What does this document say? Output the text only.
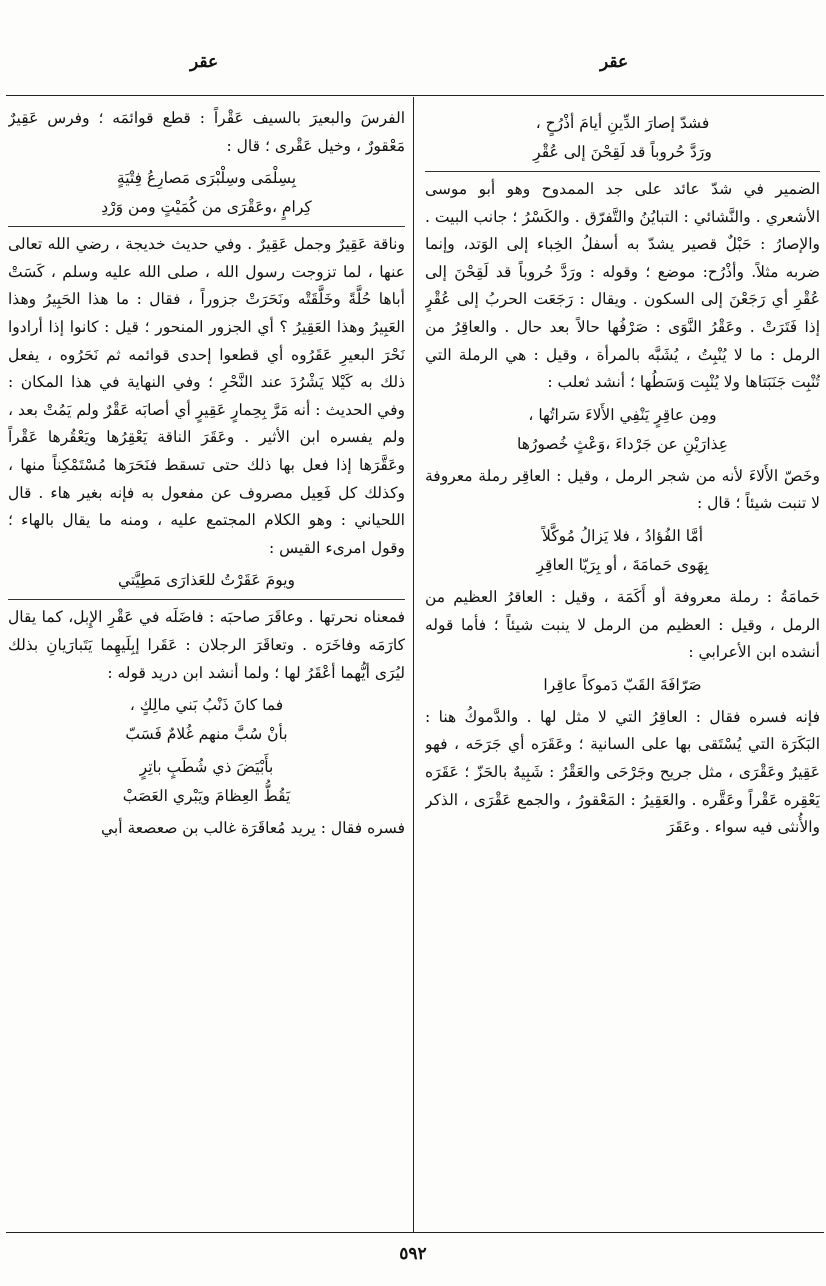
عقر
عقر
فشدّ إصارَ الدِّينِ أيامَ أذْرُحٍ ،
ورَدَّ حُروباً قد لَقِحْنَ إلى عُقْرِ

الضمير في شدّ عائد على جد الممدوح وهو أبو موسى الأشعري . والنَّشائي : التبايُنُ والتَّفرّق . والكَسْرُ ؛ جانب البيت . والإصارُ : حَبْلٌ قصير يشدّ به أسفلُ الخِباء إلى الوَتد، وإنما ضربه مثلاً. وأذْرُح: موضع ؛ وقوله : ورَدَّ حُروباً قد لَقِحْنَ إلى عُقْرِ أي رَجَعْنَ إلى السكون . ويقال : رَجَعَت الحربُ إلى عُقْرٍ إذا فَتَرَتْ . وعَقْرُ النَّوَى : صَرْفُها حالاً بعد حال . والعاقِرُ من الرمل : ما لا يُنْبِتُ ، يُشَبَّه بالمرأة ، وقيل : هي الرملة التي تُنْبِت جَنَبَتاها ولا يُنْبِت وَسَطُها ؛ أنشد ثعلب :

ومِن عاقِرٍ يَنْفِي الأَلاءَ سَراتُها ،
عِذارَيْنِ عن جَرْداءَ ،وَعْثٍ خُصورُها

وخَصّ الأَلاءَ لأنه من شجر الرمل ، وقيل : العاقِر رملة معروفة لا تنبت شيئاً ؛ قال :

أمَّا الفُؤادُ ، فلا يَزالُ مُوكَّلاً
بِهَوى حَمامَةَ ، أو بِرَيّا العاقِرِ

حَمامَةُ : رملة معروفة أو أَكَمَة ، وقيل : العاقرُ العظيم من الرمل ، وقيل : العظيم من الرمل لا ينبت شيئاً ؛ فأما قوله أنشده ابن الأعرابي :

صَرّافَةَ القَبّ دَموكاً عاقِرا

فإنه فسره فقال : العاقِرُ التي لا مثل لها . والدَّموكُ هنا : البَكَرَة التي يُسْتَقى بها على السانية ؛ وعَقَرَه أي جَرَحَه ، فهو عَقِيرٌ وعَقْرَى ، مثل جريح وجَرْحَى والعَقْرُ : شَبِيهٌ بالحَزّ ؛ عَقَرَه يَعْقِره عَقْراً وعَقَّره . والعَقِيرُ : المَعْقورُ ، والجمع عَقْرَى ، الذكر والأُنثى فيه سواء . وعَقَرَ

الفرسَ والبعيرَ بالسيف عَقْراً : قطع قوائمَه ؛ وفرس عَقِيرٌ مَعْقورٌ ، وخيل عَقْرى ؛ قال :

بِسِلْمَى وسِلْبْرَى مَصارِعُ فِتْيَةٍ
كِرامٍ ،وعَقْرَى من كُمَيْتٍ ومن وَرْدِ

وناقة عَقِيرٌ وجمل عَقِيرٌ . وفي حديث خديجة ، رضي الله تعالى عنها ، لما تزوجت رسول الله ، صلى الله عليه وسلم ، كَسَتْ أباها حُلَّةً وخَلَّقَتْه ونَحَرَتْ جزوراً ، فقال : ما هذا الحَبِيرُ وهذا العَبِيرُ وهذا العَقِيرُ ؟ أي الجزور المنحور ؛ قيل : كانوا إذا أرادوا نَحْرَ البعيرِ عَقَرُوه أي قطعوا إحدى قوائمه ثم نَحَرُوه ، يفعل ذلك به كَيْلا يَشْرُدَ عند النَّحْرِ ؛ وفي النهاية في هذا المكان : وفي الحديث : أنه مَرَّ بِحِمارٍ عَقِيرٍ أي أصابَه عَقْرٌ ولم يَمُتْ بعد ، ولم يفسره ابن الأثير . وعَقَرَ الناقة يَعْقِرُها ويَعْقُرها عَقْراً وعَقَّرَها إذا فعل بها ذلك حتى تسقط فنَحَرَها مُسْتَمْكِناً منها ، وكذلك كل فَعِيل مصروف عن مفعول به فإنه بغير هاء . قال اللحياني : وهو الكلام المجتمع عليه ، ومنه ما يقال بالهاء ؛ وقول امرىء القيس :

ويومَ عَقَرْتُ للعَذارَى مَطِيَّتي

فمعناه نحرتها . وعاقَرَ صاحبَه : فاضَلَه في عَقْرِ الإِبل، كما يقال كارَمَه وفاخَرَه . وتعاقَرَ الرجلان : عَقَرا إبِلَيهِما يَتَبارَيانِ بذلك ليُرَى أيُّهما أعْقَرُ لها ؛ ولما أنشد ابن دريد قوله :

فما كانَ ذَنْبُ بَني مالِكٍ ،
بأنْ سُبَّ منهم غُلامٌ فَسَبّ
بأَبْيَضَ ذي شُطَبٍ باتِرٍ
يَقُطُّ العِظامَ ويَبْري العَصَبْ

فسره فقال : يريد مُعاقَرَة غالب بن صعصعة أبي

٥٩٢
